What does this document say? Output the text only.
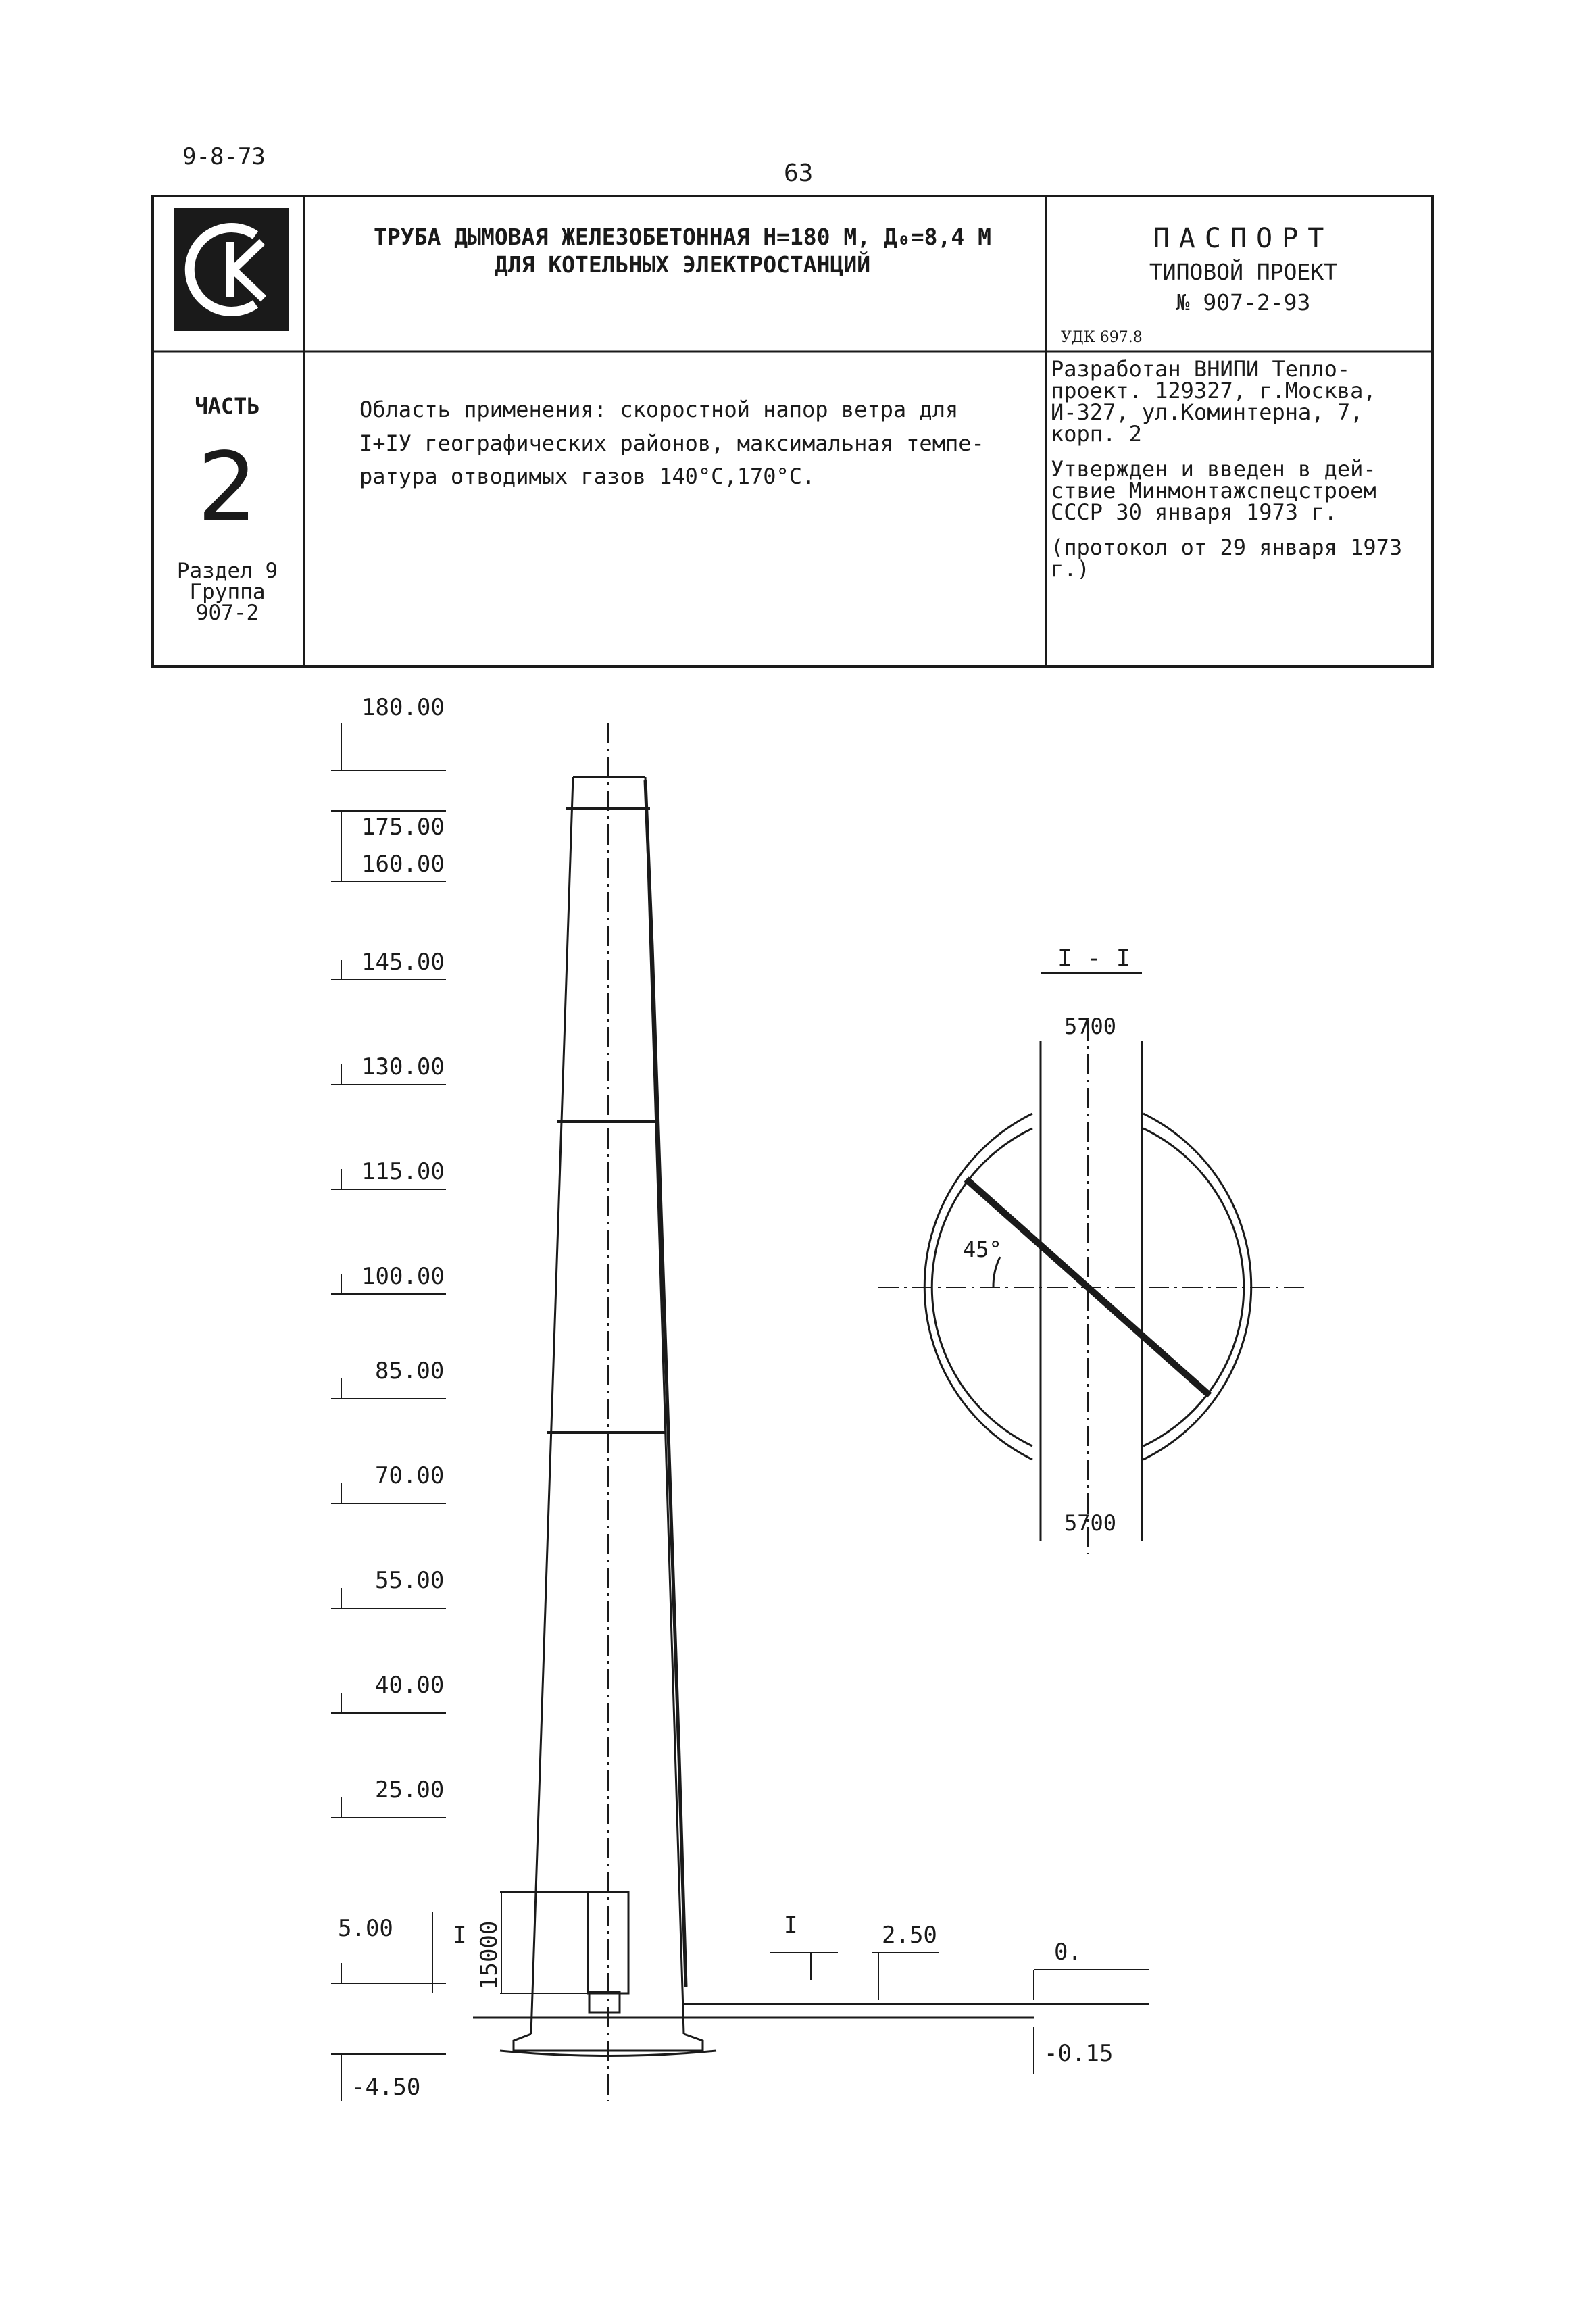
9-8-73
63
ТРУБА ДЫМОВАЯ ЖЕЛЕЗОБЕТОННАЯ Н=180 М, Д₀=8,4 М
ДЛЯ КОТЕЛЬНЫХ ЭЛЕКТРОСТАНЦИЙ
ПАСПОРТ
ТИПОВОЙ ПРОЕКТ
№ 907-2-93
УДК 697.8
ЧАСТЬ
2
Раздел 9
Группа
907-2
Область применения: скоростной напор ветра для
I+IУ географических районов, максимальная темпе-
ратура отводимых газов 140°С,170°С.

Разработан ВНИПИ Тепло-проект. 129327, г.Москва, И-327, ул.Коминтерна, 7, корп. 2

Утвержден и введен в дей-ствие Минмонтажспецстроем СССР 30 января 1973 г.

(протокол от 29 января 1973 г.)

180.00
175.00
160.00
145.00
130.00
115.00
100.00
85.00
70.00
55.00
40.00
25.00
5.00
-4.50
I 15000	I	2.50
0.
-0.15
I - I
5700
5700
45°
